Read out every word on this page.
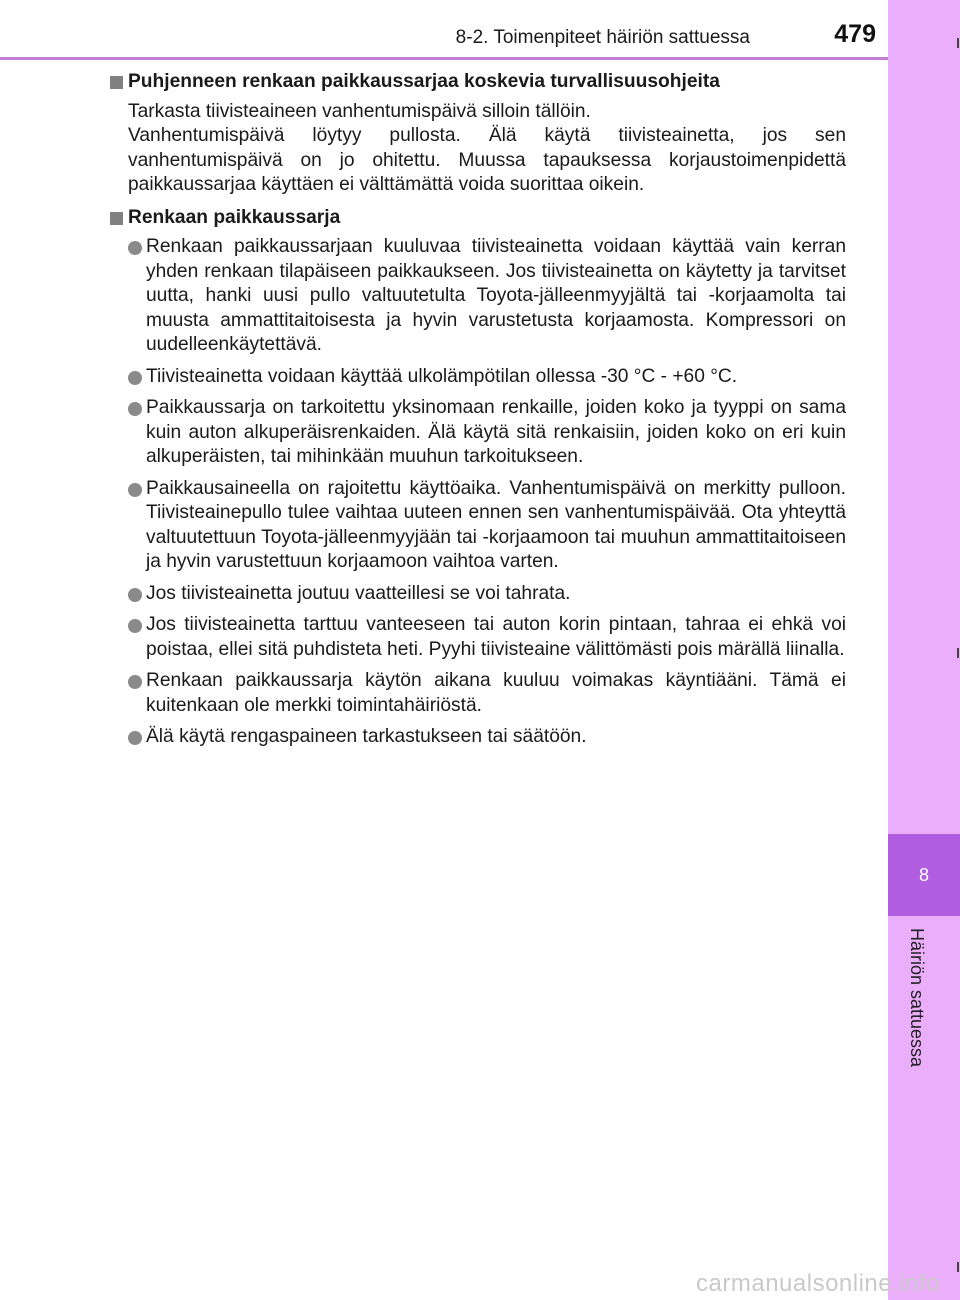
8-2. Toimenpiteet häiriön sattuessa	479
8
Häiriön sattuessa
Puhjenneen renkaan paikkaussarjaa koskevia turvallisuusohjeita
Tarkasta tiivisteaineen vanhentumispäivä silloin tällöin.
Vanhentumispäivä löytyy pullosta. Älä käytä tiivisteainetta, jos sen vanhentumispäivä on jo ohitettu. Muussa tapauksessa korjaustoimenpidettä paikkaussarjaa käyttäen ei välttämättä voida suorittaa oikein.
Renkaan paikkaussarja
Renkaan paikkaussarjaan kuuluvaa tiivisteainetta voidaan käyttää vain kerran yhden renkaan tilapäiseen paikkaukseen. Jos tiivisteainetta on käytetty ja tarvitset uutta, hanki uusi pullo valtuutetulta Toyota-jälleenmyyjältä tai -korjaamolta tai muusta ammattitaitoisesta ja hyvin varustetusta korjaamosta. Kompressori on uudelleenkäytettävä.
Tiivisteainetta voidaan käyttää ulkolämpötilan ollessa -30 °C - +60 °C.
Paikkaussarja on tarkoitettu yksinomaan renkaille, joiden koko ja tyyppi on sama kuin auton alkuperäisrenkaiden. Älä käytä sitä renkaisiin, joiden koko on eri kuin alkuperäisten, tai mihinkään muuhun tarkoitukseen.
Paikkausaineella on rajoitettu käyttöaika. Vanhentumispäivä on merkitty pulloon. Tiivisteainepullo tulee vaihtaa uuteen ennen sen vanhentumispäivää. Ota yhteyttä valtuutettuun Toyota-jälleenmyyjään tai -korjaamoon tai muuhun ammattitaitoiseen ja hyvin varustettuun korjaamoon vaihtoa varten.
Jos tiivisteainetta joutuu vaatteillesi se voi tahrata.
Jos tiivisteainetta tarttuu vanteeseen tai auton korin pintaan, tahraa ei ehkä voi poistaa, ellei sitä puhdisteta heti. Pyyhi tiivisteaine välittömästi pois märällä liinalla.
Renkaan paikkaussarja käytön aikana kuuluu voimakas käyntiääni. Tämä ei kuitenkaan ole merkki toimintahäiriöstä.
Älä käytä rengaspaineen tarkastukseen tai säätöön.
carmanualsonline.info
